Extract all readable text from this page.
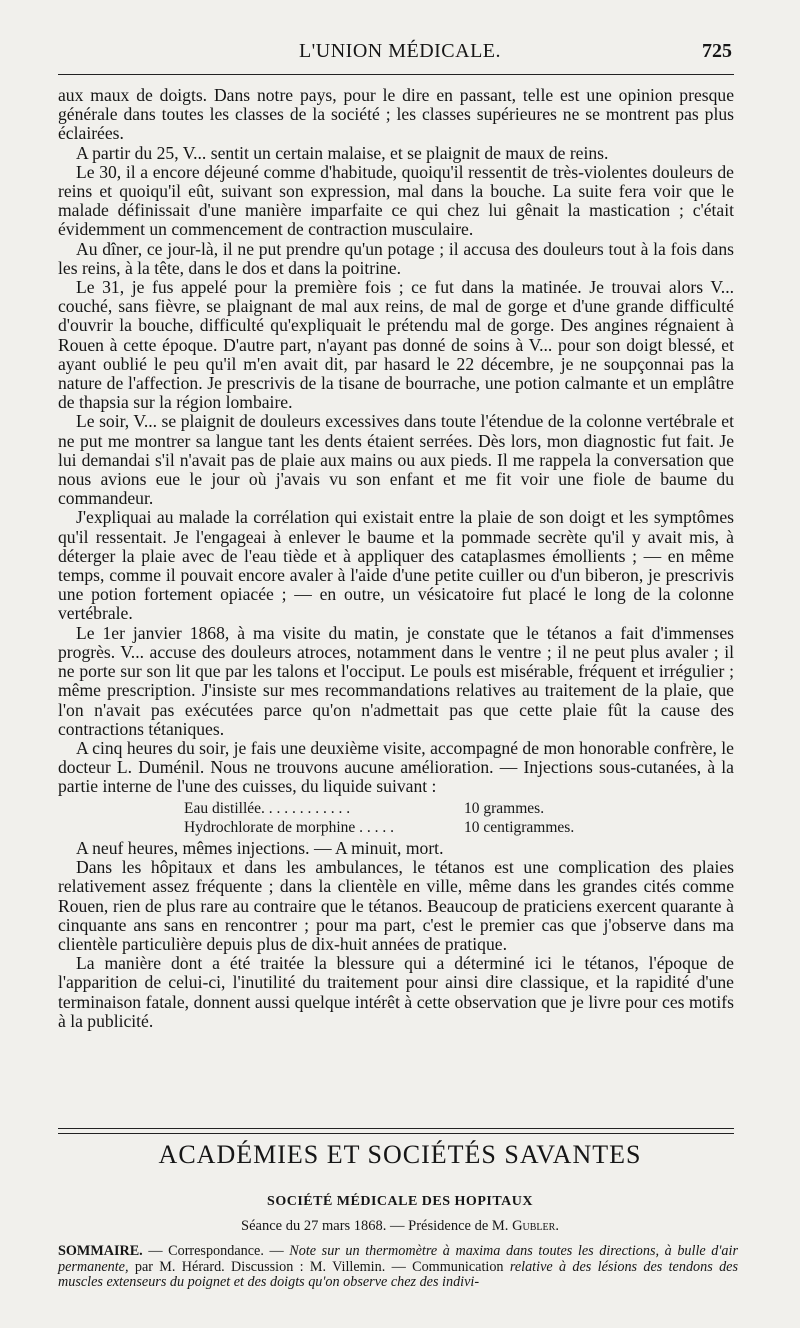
L'UNION MÉDICALE.	725

aux maux de doigts. Dans notre pays, pour le dire en passant, telle est une opinion presque générale dans toutes les classes de la société ; les classes supérieures ne se montrent pas plus éclairées.

A partir du 25, V... sentit un certain malaise, et se plaignit de maux de reins.

Le 30, il a encore déjeuné comme d'habitude, quoiqu'il ressentit de très-violentes douleurs de reins et quoiqu'il eût, suivant son expression, mal dans la bouche. La suite fera voir que le malade définissait d'une manière imparfaite ce qui chez lui gênait la mastication ; c'était évidemment un commencement de contraction musculaire.

Au dîner, ce jour-là, il ne put prendre qu'un potage ; il accusa des douleurs tout à la fois dans les reins, à la tête, dans le dos et dans la poitrine.

Le 31, je fus appelé pour la première fois ; ce fut dans la matinée. Je trouvai alors V... couché, sans fièvre, se plaignant de mal aux reins, de mal de gorge et d'une grande difficulté d'ouvrir la bouche, difficulté qu'expliquait le prétendu mal de gorge. Des angines régnaient à Rouen à cette époque. D'autre part, n'ayant pas donné de soins à V... pour son doigt blessé, et ayant oublié le peu qu'il m'en avait dit, par hasard le 22 décembre, je ne soupçonnai pas la nature de l'affection. Je prescrivis de la tisane de bourrache, une potion calmante et un emplâtre de thapsia sur la région lombaire.

Le soir, V... se plaignit de douleurs excessives dans toute l'étendue de la colonne vertébrale et ne put me montrer sa langue tant les dents étaient serrées. Dès lors, mon diagnostic fut fait. Je lui demandai s'il n'avait pas de plaie aux mains ou aux pieds. Il me rappela la conversation que nous avions eue le jour où j'avais vu son enfant et me fit voir une fiole de baume du commandeur.

J'expliquai au malade la corrélation qui existait entre la plaie de son doigt et les symptômes qu'il ressentait. Je l'engageai à enlever le baume et la pommade secrète qu'il y avait mis, à déterger la plaie avec de l'eau tiède et à appliquer des cataplasmes émollients ; — en même temps, comme il pouvait encore avaler à l'aide d'une petite cuiller ou d'un biberon, je prescrivis une potion fortement opiacée ; — en outre, un vésicatoire fut placé le long de la colonne vertébrale.

Le 1er janvier 1868, à ma visite du matin, je constate que le tétanos a fait d'immenses progrès. V... accuse des douleurs atroces, notamment dans le ventre ; il ne peut plus avaler ; il ne porte sur son lit que par les talons et l'occiput. Le pouls est misérable, fréquent et irrégulier ; même prescription. J'insiste sur mes recommandations relatives au traitement de la plaie, que l'on n'avait pas exécutées parce qu'on n'admettait pas que cette plaie fût la cause des contractions tétaniques.

A cinq heures du soir, je fais une deuxième visite, accompagné de mon honorable confrère, le docteur L. Duménil. Nous ne trouvons aucune amélioration. — Injections sous-cutanées, à la partie interne de l'une des cuisses, du liquide suivant :

Eau distillée. . . . . . . . . . . .	10 grammes.
Hydrochlorate de morphine . . . . .	10 centigrammes.

A neuf heures, mêmes injections. — A minuit, mort.

Dans les hôpitaux et dans les ambulances, le tétanos est une complication des plaies relativement assez fréquente ; dans la clientèle en ville, même dans les grandes cités comme Rouen, rien de plus rare au contraire que le tétanos. Beaucoup de praticiens exercent quarante à cinquante ans sans en rencontrer ; pour ma part, c'est le premier cas que j'observe dans ma clientèle particulière depuis plus de dix-huit années de pratique.

La manière dont a été traitée la blessure qui a déterminé ici le tétanos, l'époque de l'apparition de celui-ci, l'inutilité du traitement pour ainsi dire classique, et la rapidité d'une terminaison fatale, donnent aussi quelque intérêt à cette observation que je livre pour ces motifs à la publicité.

ACADÉMIES ET SOCIÉTÉS SAVANTES
SOCIÉTÉ MÉDICALE DES HOPITAUX
Séance du 27 mars 1868. — Présidence de M. Gubler.
SOMMAIRE. — Correspondance. — Note sur un thermomètre à maxima dans toutes les directions, à bulle d'air permanente, par M. Hérard. Discussion : M. Villemin. — Communication relative à des lésions des tendons des muscles extenseurs du poignet et des doigts qu'on observe chez des indivi-
